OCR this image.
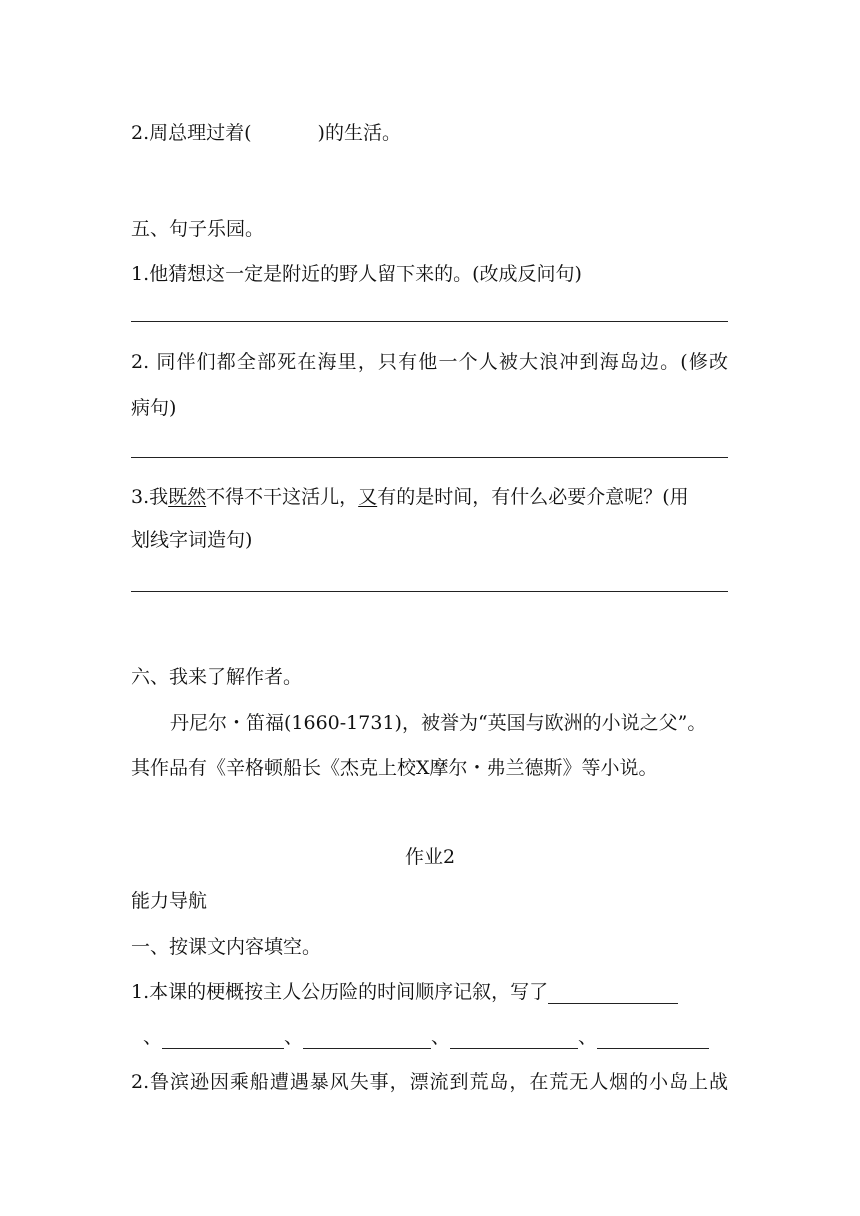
2.周总理过着(	)的生活。
五、句子乐园。
1.他猜想这一定是附近的野人留下来的。(改成反问句)
2. 同伴们都全部死在海里，只有他一个人被大浪冲到海岛边。(修改
病句)
3.我既然不得不干这活儿，又有的是时间，有什么必要介意呢？(用
划线字词造句)
六、我来了解作者。
丹尼尔・笛福(1660-1731)，被誉为“英国与欧洲的小说之父”。
其作品有《辛格顿船长《杰克上校X摩尔・弗兰德斯》等小说。
作业2
能力导航
一、按课文内容填空。
1.本课的梗概按主人公历险的时间顺序记叙，写了
、	、	、	、
2.鲁滨逊因乘船遭遇暴风失事，漂流到荒岛，在荒无人烟的小岛上战
